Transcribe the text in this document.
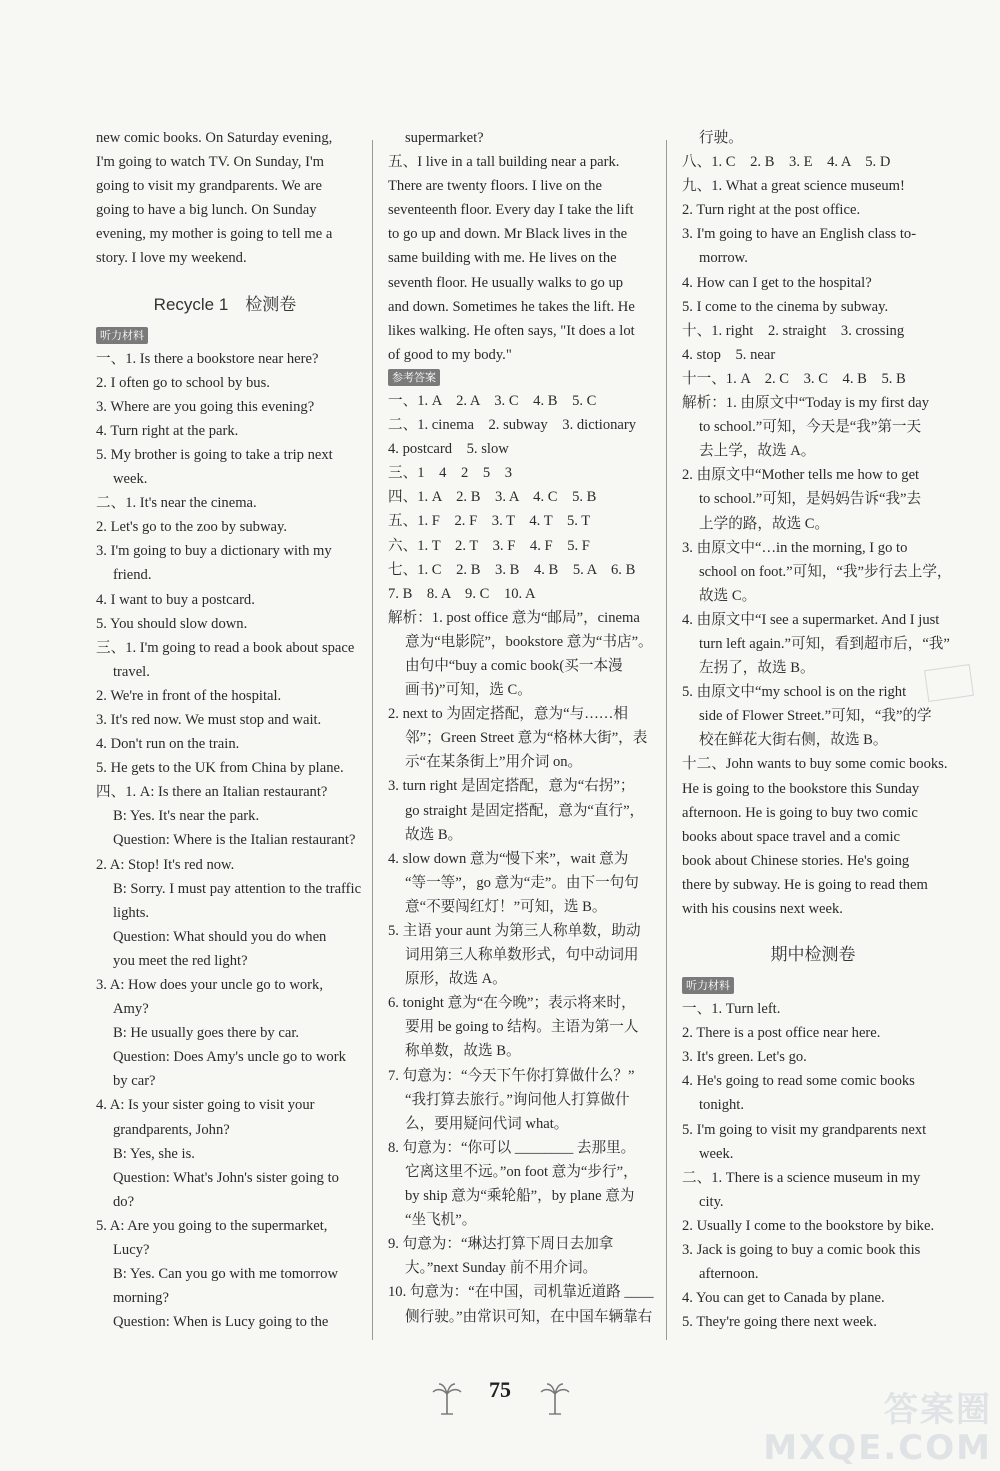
new comic books. On Saturday evening,
I'm going to watch TV. On Sunday, I'm
going to visit my grandparents. We are
going to have a big lunch. On Sunday
evening, my mother is going to tell me a
story. I love my weekend.
Recycle 1　检测卷
听力材料
一、1. Is there a bookstore near here?
2. I often go to school by bus.
3. Where are you going this evening?
4. Turn right at the park.
5. My brother is going to take a trip next
week.
二、1. It's near the cinema.
2. Let's go to the zoo by subway.
3. I'm going to buy a dictionary with my
friend.
4. I want to buy a postcard.
5. You should slow down.
三、1. I'm going to read a book about space
travel.
2. We're in front of the hospital.
3. It's red now. We must stop and wait.
4. Don't run on the train.
5. He gets to the UK from China by plane.
四、1. A: Is there an Italian restaurant?
B: Yes. It's near the park.
Question: Where is the Italian restaurant?
2. A: Stop! It's red now.
B: Sorry. I must pay attention to the traffic
lights.
Question: What should you do when
you meet the red light?
3. A: How does your uncle go to work,
Amy?
B: He usually goes there by car.
Question: Does Amy's uncle go to work
by car?
4. A: Is your sister going to visit your
grandparents, John?
B: Yes, she is.
Question: What's John's sister going to
do?
5. A: Are you going to the supermarket,
Lucy?
B: Yes. Can you go with me tomorrow
morning?
Question: When is Lucy going to the
supermarket?
五、I live in a tall building near a park.
There are twenty floors. I live on the
seventeenth floor. Every day I take the lift
to go up and down. Mr Black lives in the
same building with me. He lives on the
seventh floor. He usually walks to go up
and down. Sometimes he takes the lift. He
likes walking. He often says, "It does a lot
of good to my body."
参考答案
一、1. A　2. A　3. C　4. B　5. C
二、1. cinema　2. subway　3. dictionary
4. postcard　5. slow
三、1　4　2　5　3
四、1. A　2. B　3. A　4. C　5. B
五、1. F　2. F　3. T　4. T　5. T
六、1. T　2. T　3. F　4. F　5. F
七、1. C　2. B　3. B　4. B　5. A　6. B
7. B　8. A　9. C　10. A
解析：1. post office 意为“邮局”，cinema
意为“电影院”，bookstore 意为“书店”。
由句中“buy a comic book(买一本漫
画书)”可知，选 C。
2. next to 为固定搭配，意为“与……相
邻”；Green Street 意为“格林大街”，表
示“在某条街上”用介词 on。
3. turn right 是固定搭配，意为“右拐”；
go straight 是固定搭配，意为“直行”，
故选 B。
4. slow down 意为“慢下来”，wait 意为
“等一等”，go 意为“走”。由下一句句
意“不要闯红灯！”可知，选 B。
5. 主语 your aunt 为第三人称单数，助动
词用第三人称单数形式，句中动词用
原形，故选 A。
6. tonight 意为“在今晚”；表示将来时，
要用 be going to 结构。主语为第一人
称单数，故选 B。
7. 句意为：“今天下午你打算做什么？”
“我打算去旅行。”询问他人打算做什
么，要用疑问代词 what。
8. 句意为：“你可以 ________ 去那里。
它离这里不远。”on foot 意为“步行”，
by ship 意为“乘轮船”，by plane 意为
“坐飞机”。
9. 句意为：“琳达打算下周日去加拿
大。”next Sunday 前不用介词。
10. 句意为：“在中国，司机靠近道路 ____
侧行驶。”由常识可知，在中国车辆靠右
行驶。
八、1. C　2. B　3. E　4. A　5. D
九、1. What a great science museum!
2. Turn right at the post office.
3. I'm going to have an English class to-
morrow.
4. How can I get to the hospital?
5. I come to the cinema by subway.
十、1. right　2. straight　3. crossing
4. stop　5. near
十一、1. A　2. C　3. C　4. B　5. B
解析：1. 由原文中“Today is my first day
to school.”可知，今天是“我”第一天
去上学，故选 A。
2. 由原文中“Mother tells me how to get
to school.”可知，是妈妈告诉“我”去
上学的路，故选 C。
3. 由原文中“…in the morning, I go to
school on foot.”可知，“我”步行去上学，
故选 C。
4. 由原文中“I see a supermarket. And I just
turn left again.”可知，看到超市后，“我”
左拐了，故选 B。
5. 由原文中“my school is on the right
side of Flower Street.”可知，“我”的学
校在鲜花大街右侧，故选 B。
十二、John wants to buy some comic books.
He is going to the bookstore this Sunday
afternoon. He is going to buy two comic
books about space travel and a comic
book about Chinese stories. He's going
there by subway. He is going to read them
with his cousins next week.
期中检测卷
听力材料
一、1. Turn left.
2. There is a post office near here.
3. It's green. Let's go.
4. He's going to read some comic books
tonight.
5. I'm going to visit my grandparents next
week.
二、1. There is a science museum in my
city.
2. Usually I come to the bookstore by bike.
3. Jack is going to buy a comic book this
afternoon.
4. You can get to Canada by plane.
5. They're going there next week.
75
答案圈
MXQE.COM
